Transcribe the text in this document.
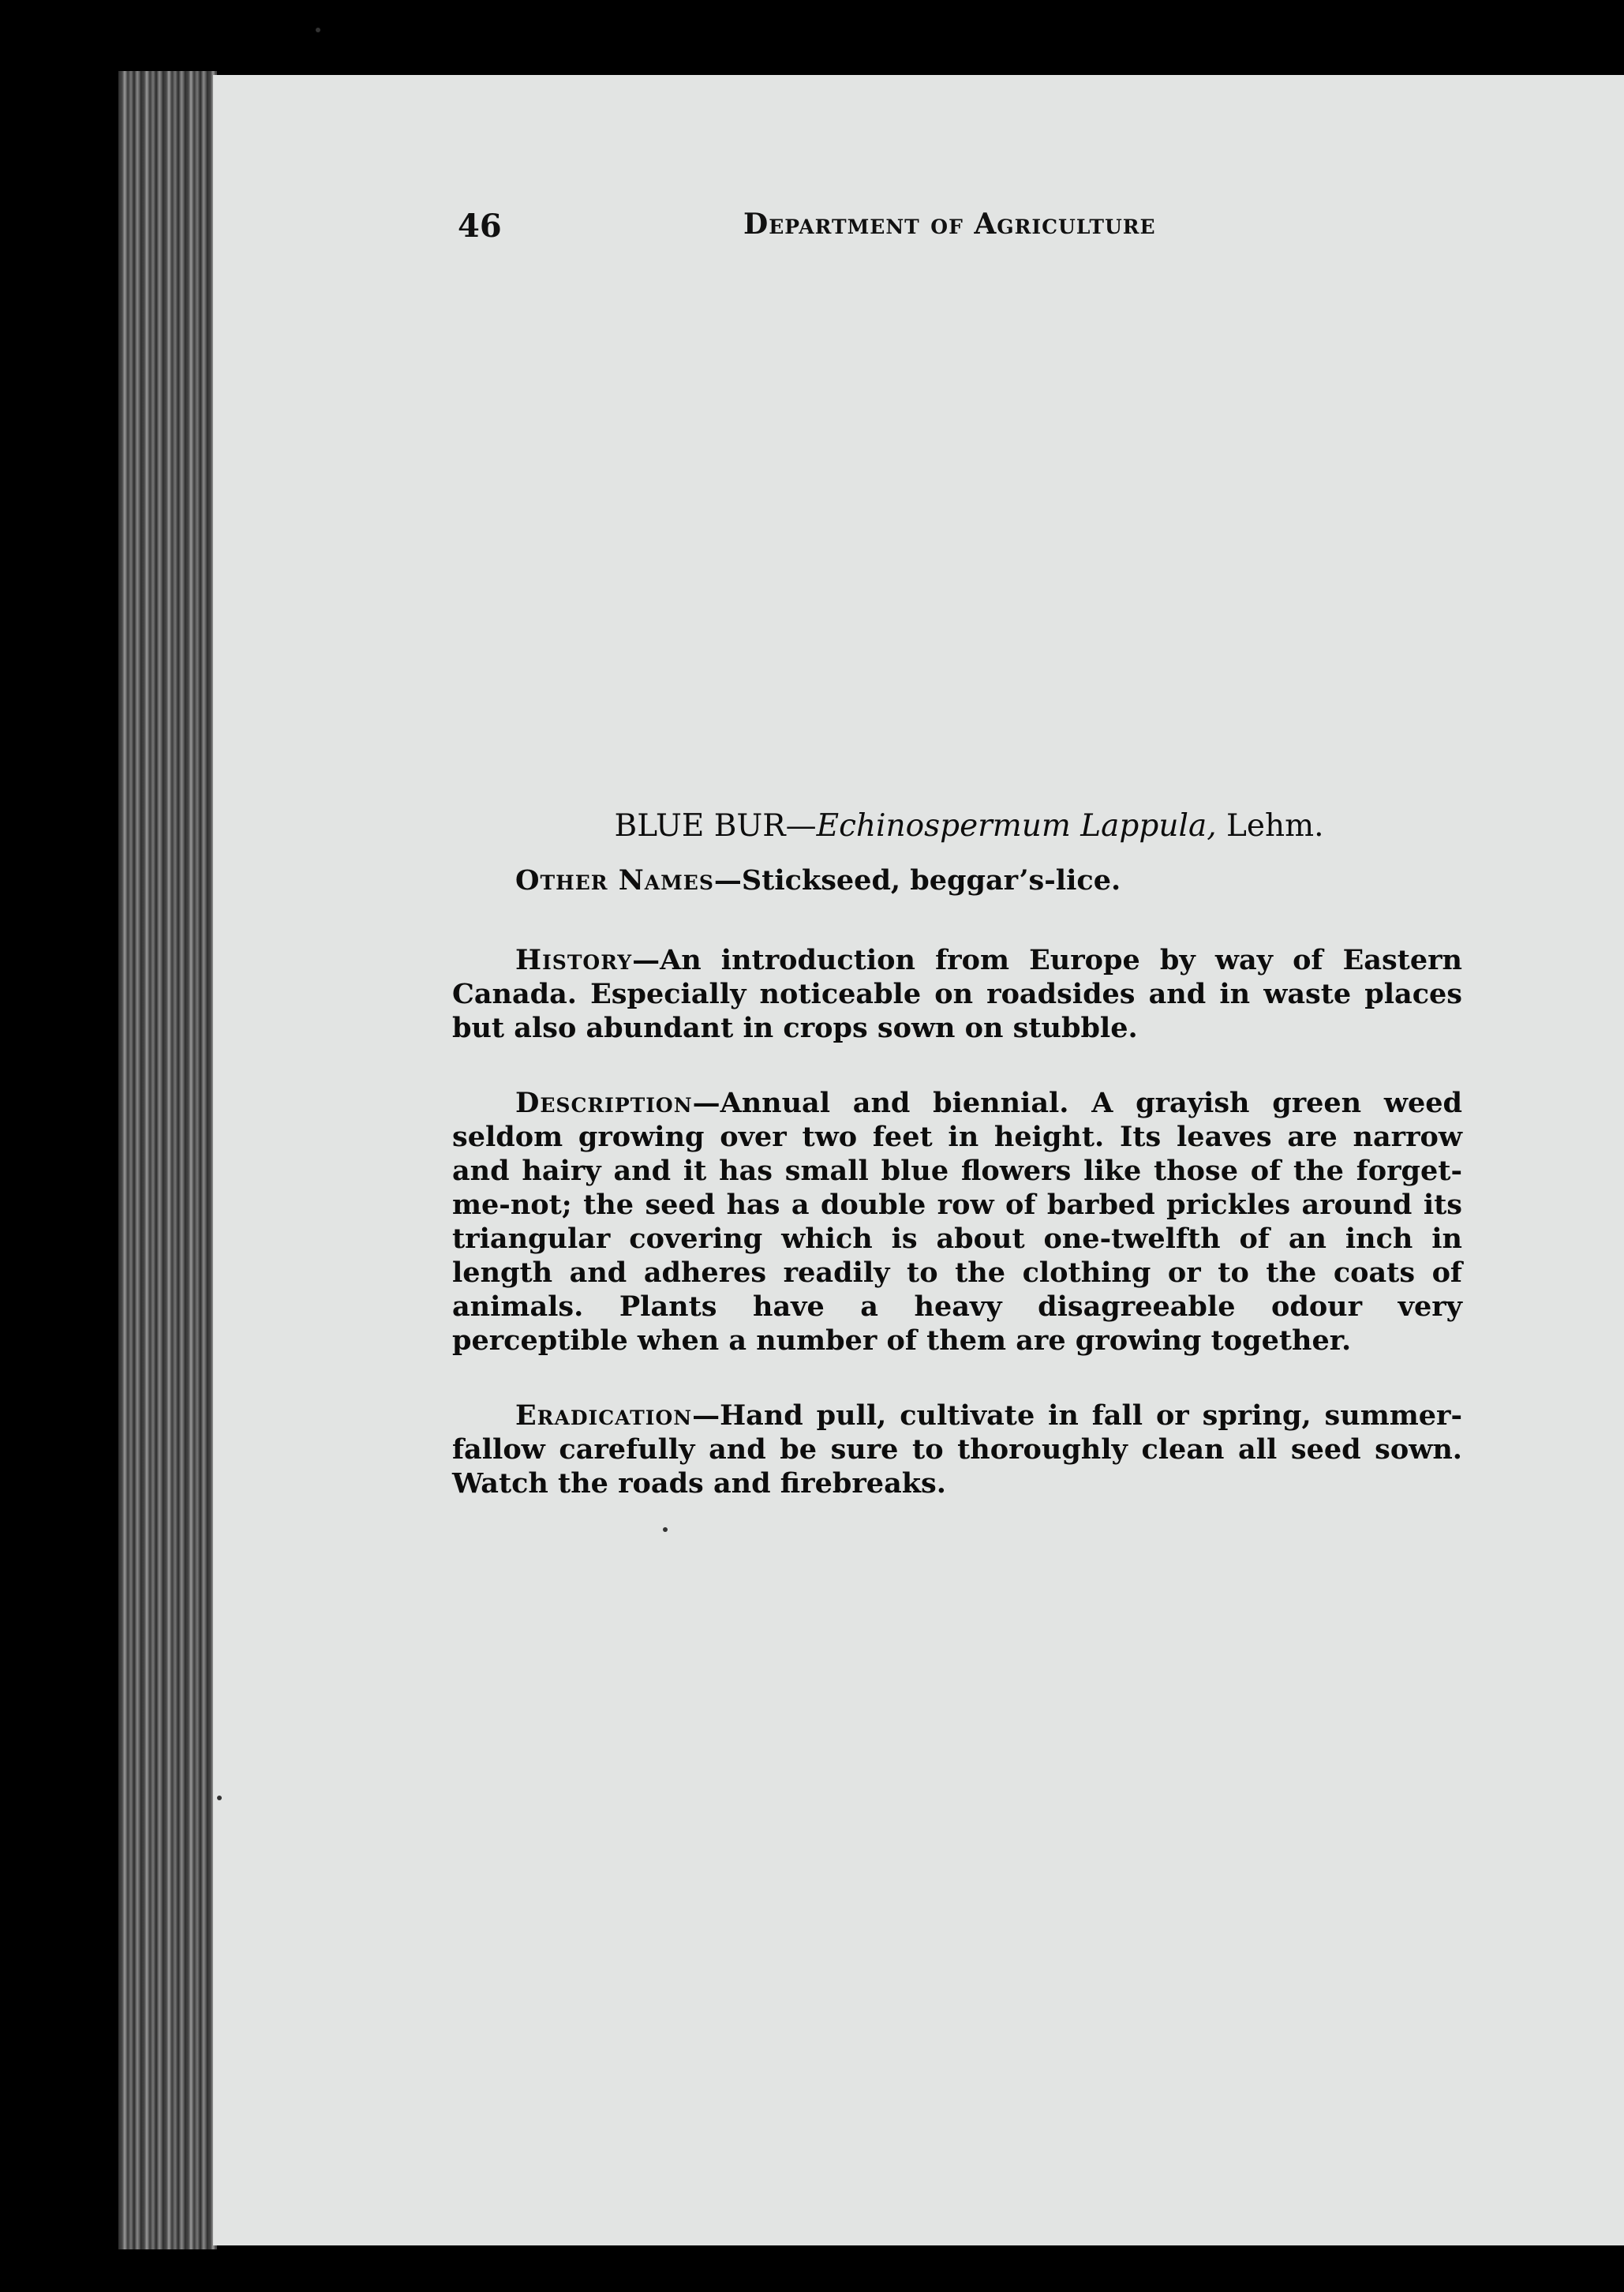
46	Department of Agriculture

BLUE BUR—Echinospermum Lappula, Lehm.

Other Names—Stickseed, beggar’s-lice.

History—An introduction from Europe by way of Eastern Canada. Especially noticeable on roadsides and in waste places but also abundant in crops sown on stubble.

Description—Annual and biennial. A grayish green weed seldom growing over two feet in height. Its leaves are narrow and hairy and it has small blue flowers like those of the forget-me-not; the seed has a double row of barbed prickles around its triangular covering which is about one-twelfth of an inch in length and adheres readily to the clothing or to the coats of animals. Plants have a heavy disagreeable odour very perceptible when a number of them are growing together.

Eradication—Hand pull, cultivate in fall or spring, summer-fallow carefully and be sure to thoroughly clean all seed sown. Watch the roads and firebreaks.
